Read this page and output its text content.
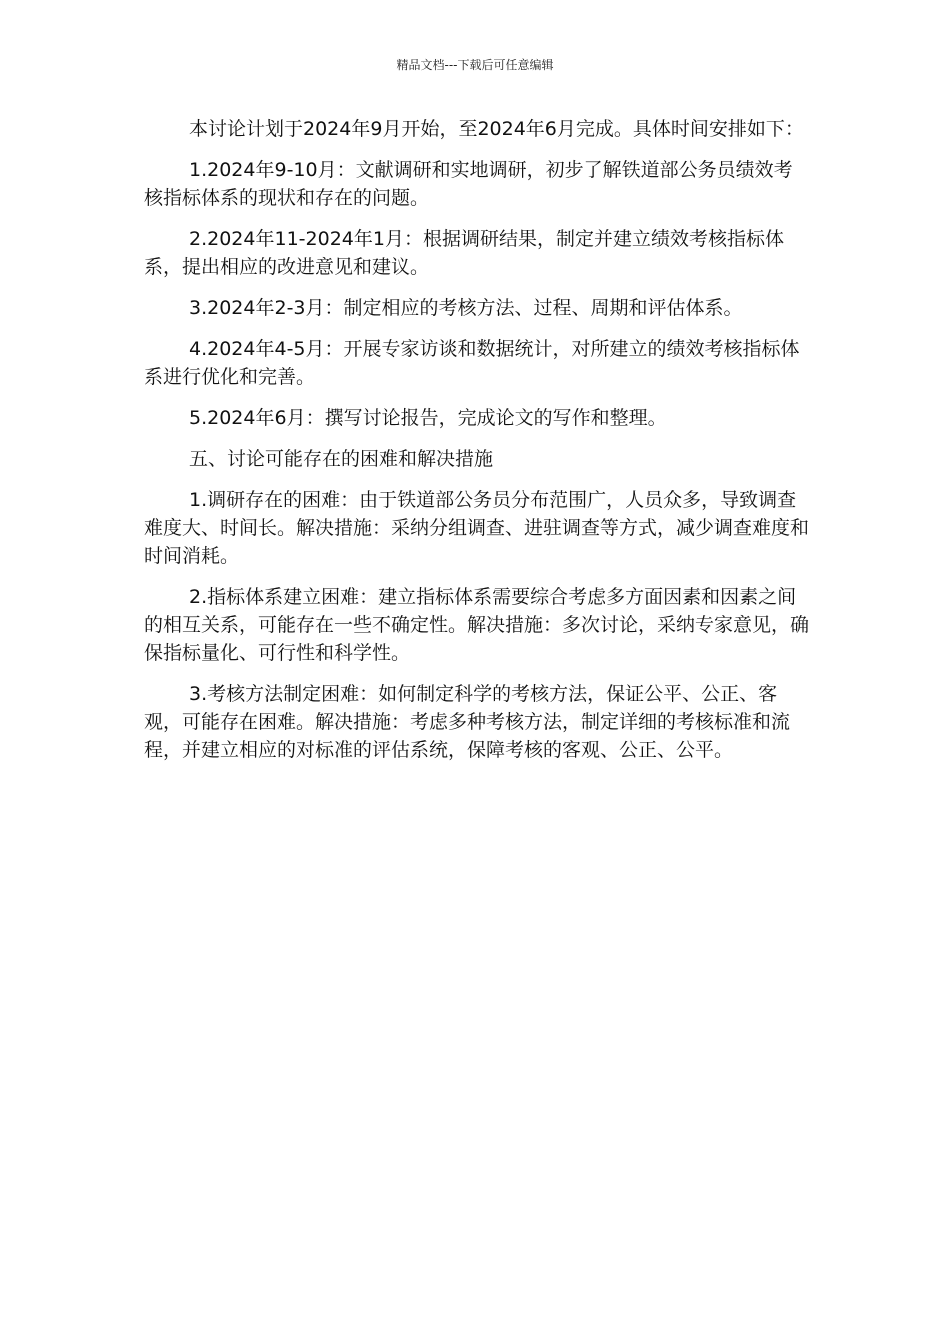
精品文档---下载后可任意编辑

本讨论计划于2024年9月开始，至2024年6月完成。具体时间安排如下：

1.2024年9-10月：文献调研和实地调研，初步了解铁道部公务员绩效考核指标体系的现状和存在的问题。

2.2024年11-2024年1月：根据调研结果，制定并建立绩效考核指标体系，提出相应的改进意见和建议。

3.2024年2-3月：制定相应的考核方法、过程、周期和评估体系。

4.2024年4-5月：开展专家访谈和数据统计，对所建立的绩效考核指标体系进行优化和完善。

5.2024年6月：撰写讨论报告，完成论文的写作和整理。

五、讨论可能存在的困难和解决措施

1.调研存在的困难：由于铁道部公务员分布范围广，人员众多，导致调查难度大、时间长。解决措施：采纳分组调查、进驻调查等方式，减少调查难度和时间消耗。

2.指标体系建立困难：建立指标体系需要综合考虑多方面因素和因素之间的相互关系，可能存在一些不确定性。解决措施：多次讨论，采纳专家意见，确保指标量化、可行性和科学性。

3.考核方法制定困难：如何制定科学的考核方法，保证公平、公正、客观，可能存在困难。解决措施：考虑多种考核方法，制定详细的考核标准和流程，并建立相应的对标准的评估系统，保障考核的客观、公正、公平。
